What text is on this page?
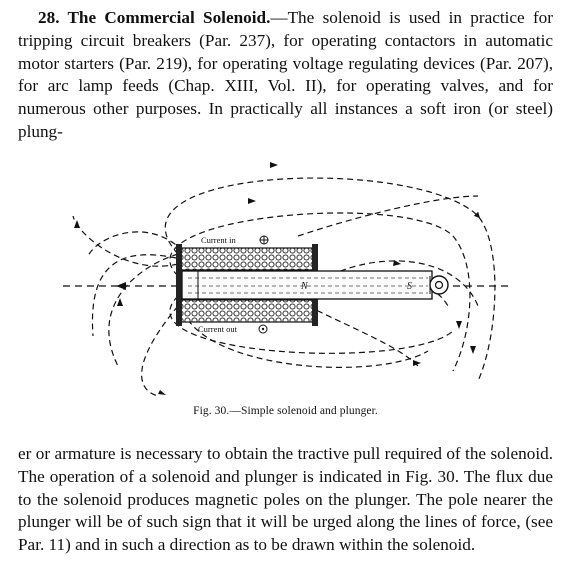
28. The Commercial Solenoid.—The solenoid is used in practice for tripping circuit breakers (Par. 237), for operating contactors in automatic motor starters (Par. 219), for operating voltage regulating devices (Par. 207), for arc lamp feeds (Chap. XIII, Vol. II), for operating valves, and for numerous other purposes. In practically all instances a soft iron (or steel) plung-

Current in
Current out
N	S
Fig. 30.—Simple solenoid and plunger.

er or armature is necessary to obtain the tractive pull required of the solenoid. The operation of a solenoid and plunger is indicated in Fig. 30. The flux due to the solenoid produces magnetic poles on the plunger. The pole nearer the plunger will be of such sign that it will be urged along the lines of force, (see Par. 11) and in such a direction as to be drawn within the solenoid.
